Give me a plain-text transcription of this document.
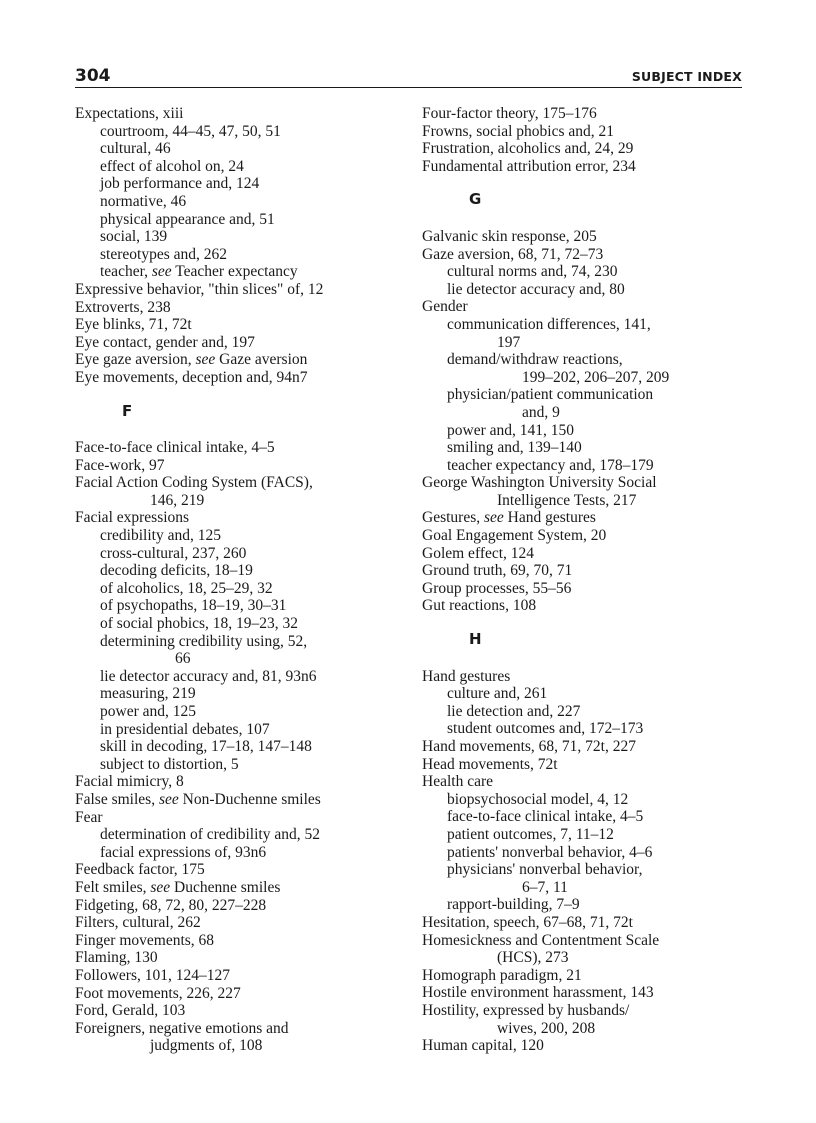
304	SUBJECT INDEX
Expectations, xiii
courtroom, 44–45, 47, 50, 51
cultural, 46
effect of alcohol on, 24
job performance and, 124
normative, 46
physical appearance and, 51
social, 139
stereotypes and, 262
teacher, see Teacher expectancy
Expressive behavior, "thin slices" of, 12
Extroverts, 238
Eye blinks, 71, 72t
Eye contact, gender and, 197
Eye gaze aversion, see Gaze aversion
Eye movements, deception and, 94n7
F
Face-to-face clinical intake, 4–5
Face-work, 97
Facial Action Coding System (FACS),
146, 219
Facial expressions
credibility and, 125
cross-cultural, 237, 260
decoding deficits, 18–19
of alcoholics, 18, 25–29, 32
of psychopaths, 18–19, 30–31
of social phobics, 18, 19–23, 32
determining credibility using, 52,
66
lie detector accuracy and, 81, 93n6
measuring, 219
power and, 125
in presidential debates, 107
skill in decoding, 17–18, 147–148
subject to distortion, 5
Facial mimicry, 8
False smiles, see Non-Duchenne smiles
Fear
determination of credibility and, 52
facial expressions of, 93n6
Feedback factor, 175
Felt smiles, see Duchenne smiles
Fidgeting, 68, 72, 80, 227–228
Filters, cultural, 262
Finger movements, 68
Flaming, 130
Followers, 101, 124–127
Foot movements, 226, 227
Ford, Gerald, 103
Foreigners, negative emotions and
judgments of, 108
Four-factor theory, 175–176
Frowns, social phobics and, 21
Frustration, alcoholics and, 24, 29
Fundamental attribution error, 234
G
Galvanic skin response, 205
Gaze aversion, 68, 71, 72–73
cultural norms and, 74, 230
lie detector accuracy and, 80
Gender
communication differences, 141,
197
demand/withdraw reactions,
199–202, 206–207, 209
physician/patient communication
and, 9
power and, 141, 150
smiling and, 139–140
teacher expectancy and, 178–179
George Washington University Social
Intelligence Tests, 217
Gestures, see Hand gestures
Goal Engagement System, 20
Golem effect, 124
Ground truth, 69, 70, 71
Group processes, 55–56
Gut reactions, 108
H
Hand gestures
culture and, 261
lie detection and, 227
student outcomes and, 172–173
Hand movements, 68, 71, 72t, 227
Head movements, 72t
Health care
biopsychosocial model, 4, 12
face-to-face clinical intake, 4–5
patient outcomes, 7, 11–12
patients' nonverbal behavior, 4–6
physicians' nonverbal behavior,
6–7, 11
rapport-building, 7–9
Hesitation, speech, 67–68, 71, 72t
Homesickness and Contentment Scale
(HCS), 273
Homograph paradigm, 21
Hostile environment harassment, 143
Hostility, expressed by husbands/
wives, 200, 208
Human capital, 120
